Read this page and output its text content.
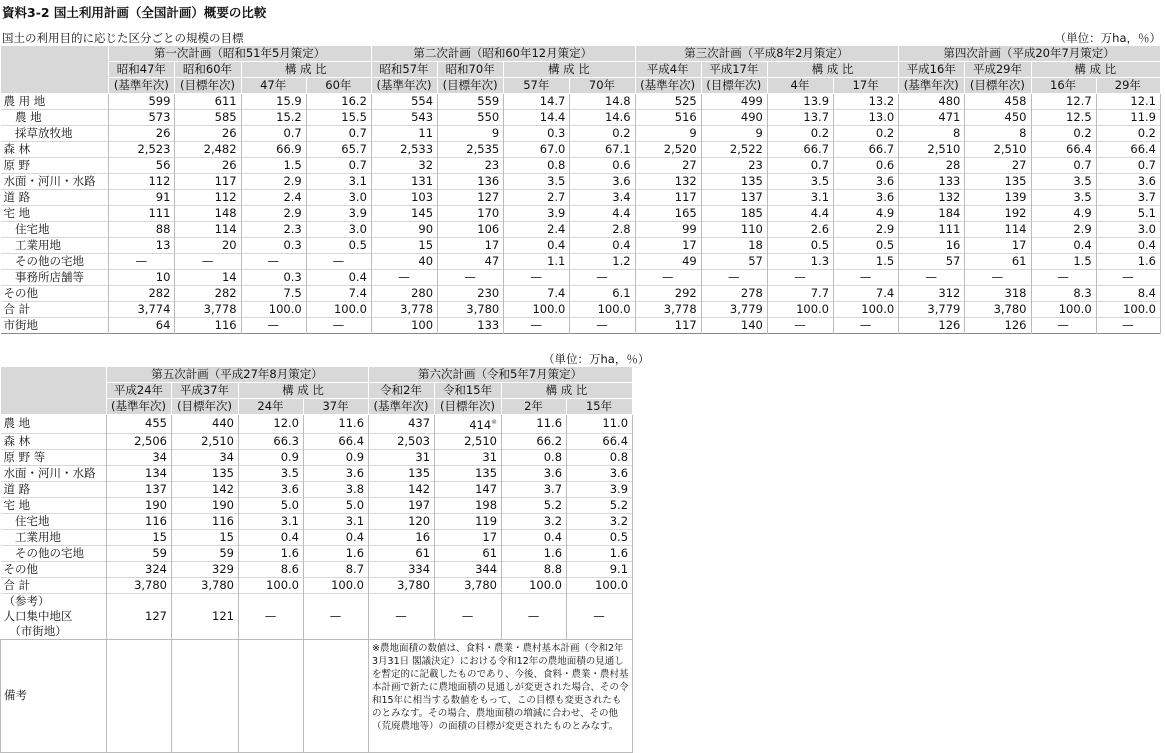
資料3-2 国土利用計画（全国計画）概要の比較
国土の利用目的に応じた区分ごとの規模の目標	（単位：万ha，％）
	第一次計画（昭和51年5月策定）				第二次計画（昭和60年12月策定）				第三次計画（平成8年2月策定）				第四次計画（平成20年7月策定）			
	昭和47年	昭和60年	構 成 比		昭和57年	昭和70年	構 成 比		平成4年	平成17年	構 成 比		平成16年	平成29年	構 成 比	
	(基準年次)	(目標年次)	47年	60年	(基準年次)	(目標年次)	57年	70年	(基準年次)	(目標年次)	4年	17年	(基準年次)	(目標年次)	16年	29年
農 用 地	599	611	15.9	16.2	554	559	14.7	14.8	525	499	13.9	13.2	480	458	12.7	12.1
　農 地	573	585	15.2	15.5	543	550	14.4	14.6	516	490	13.7	13.0	471	450	12.5	11.9
　採草放牧地	26	26	0.7	0.7	11	9	0.3	0.2	9	9	0.2	0.2	8	8	0.2	0.2
森 林	2,523	2,482	66.9	65.7	2,533	2,535	67.0	67.1	2,520	2,522	66.7	66.7	2,510	2,510	66.4	66.4
原 野	56	26	1.5	0.7	32	23	0.8	0.6	27	23	0.7	0.6	28	27	0.7	0.7
水面・河川・水路	112	117	2.9	3.1	131	136	3.5	3.6	132	135	3.5	3.6	133	135	3.5	3.6
道 路	91	112	2.4	3.0	103	127	2.7	3.4	117	137	3.1	3.6	132	139	3.5	3.7
宅 地	111	148	2.9	3.9	145	170	3.9	4.4	165	185	4.4	4.9	184	192	4.9	5.1
　住宅地	88	114	2.3	3.0	90	106	2.4	2.8	99	110	2.6	2.9	111	114	2.9	3.0
　工業用地	13	20	0.3	0.5	15	17	0.4	0.4	17	18	0.5	0.5	16	17	0.4	0.4
　その他の宅地	—	—	—	—	40	47	1.1	1.2	49	57	1.3	1.5	57	61	1.5	1.6
　事務所店舗等	10	14	0.3	0.4	—	—	—	—	—	—	—	—	—	—	—	—
その他	282	282	7.5	7.4	280	230	7.4	6.1	292	278	7.7	7.4	312	318	8.3	8.4
合 計	3,774	3,778	100.0	100.0	3,778	3,780	100.0	100.0	3,778	3,779	100.0	100.0	3,779	3,780	100.0	100.0
市街地	64	116	—	—	100	133	—	—	117	140	—	—	126	126	—	—
（単位：万ha，％）
	第五次計画（平成27年8月策定）				第六次計画（令和5年7月策定）			
	平成24年	平成37年	構 成 比		令和2年	令和15年	構 成 比	
	(基準年次)	(目標年次)	24年	37年	(基準年次)	(目標年次)	2年	15年
農 地	455	440	12.0	11.6	437	414※	11.6	11.0
森 林	2,506	2,510	66.3	66.4	2,503	2,510	66.2	66.4
原 野 等	34	34	0.9	0.9	31	31	0.8	0.8
水面・河川・水路	134	135	3.5	3.6	135	135	3.6	3.6
道 路	137	142	3.6	3.8	142	147	3.7	3.9
宅 地	190	190	5.0	5.0	197	198	5.2	5.2
　住宅地	116	116	3.1	3.1	120	119	3.2	3.2
　工業用地	15	15	0.4	0.4	16	17	0.4	0.5
　その他の宅地	59	59	1.6	1.6	61	61	1.6	1.6
その他	324	329	8.6	8.7	334	344	8.8	9.1
合 計	3,780	3,780	100.0	100.0	3,780	3,780	100.0	100.0
（参考）
人口集中地区
　（市街地）	127	121	—	—	—	—	—	—
備考					※農地面積の数値は、食料・農業・農村基本計画（令和2年3月31日 閣議決定）における令和12年の農地面積の見通しを暫定的に記載したものであり、今後、食料・農業・農村基本計画で新たに農地面積の見通しが変更された場合、その令和15年に相当する数値をもって、この目標も変更されたものとみなす。その場合、農地面積の増減に合わせ、その他（荒廃農地等）の面積の目標が変更されたものとみなす。			
